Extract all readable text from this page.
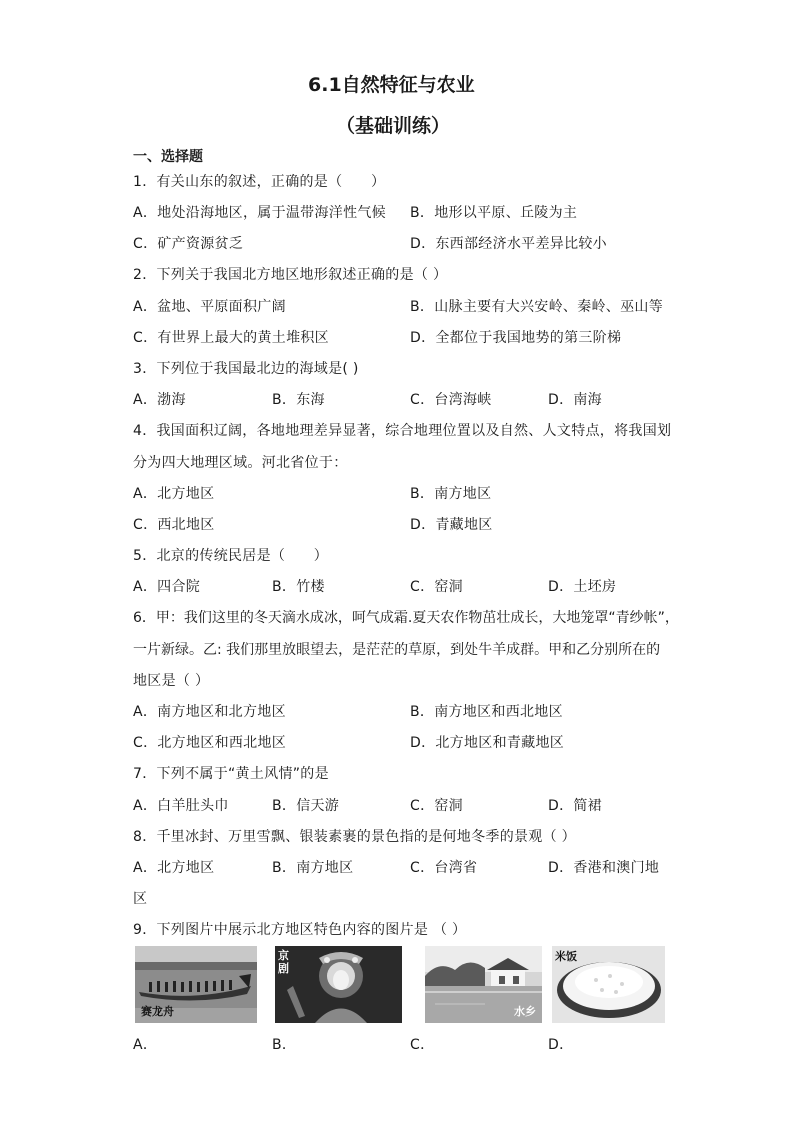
6.1自然特征与农业
（基础训练）
一、选择题
1．有关山东的叙述，正确的是（　　）
A．地处沿海地区，属于温带海洋性气候 B．地形以平原、丘陵为主
C．矿产资源贫乏	D．东西部经济水平差异比较小
2．下列关于我国北方地区地形叙述正确的是（ ）
A．盆地、平原面积广阔	B．山脉主要有大兴安岭、秦岭、巫山等
C．有世界上最大的黄土堆积区	D．全都位于我国地势的第三阶梯
3．下列位于我国最北边的海域是( )
A．渤海	B．东海	C．台湾海峡	D．南海
4．我国面积辽阔，各地地理差异显著，综合地理位置以及自然、人文特点，将我国划
分为四大地理区域。河北省位于：
A．北方地区	B．南方地区
C．西北地区	D．青藏地区
5．北京的传统民居是（　　）
A．四合院	B．竹楼	C．窑洞	D．土坯房
6．甲：我们这里的冬天滴水成冰，呵气成霜.夏天农作物茁壮成长，大地笼罩“青纱帐”，
一片新绿。乙: 我们那里放眼望去，是茫茫的草原，到处牛羊成群。甲和乙分别所在的
地区是（ ）
A．南方地区和北方地区	B．南方地区和西北地区
C．北方地区和西北地区	D．北方地区和青藏地区
7．下列不属于“黄土风情”的是
A．白羊肚头巾	B．信天游	C．窑洞	D．简裙
8．千里冰封、万里雪飘、银装素裹的景色指的是何地冬季的景观（ ）
A．北方地区	B．南方地区	C．台湾省	D．香港和澳门地
区
9．下列图片中展示北方地区特色内容的图片是 （ ）
赛龙舟
京剧
水乡
米饭
A．	B．	C．	D．
